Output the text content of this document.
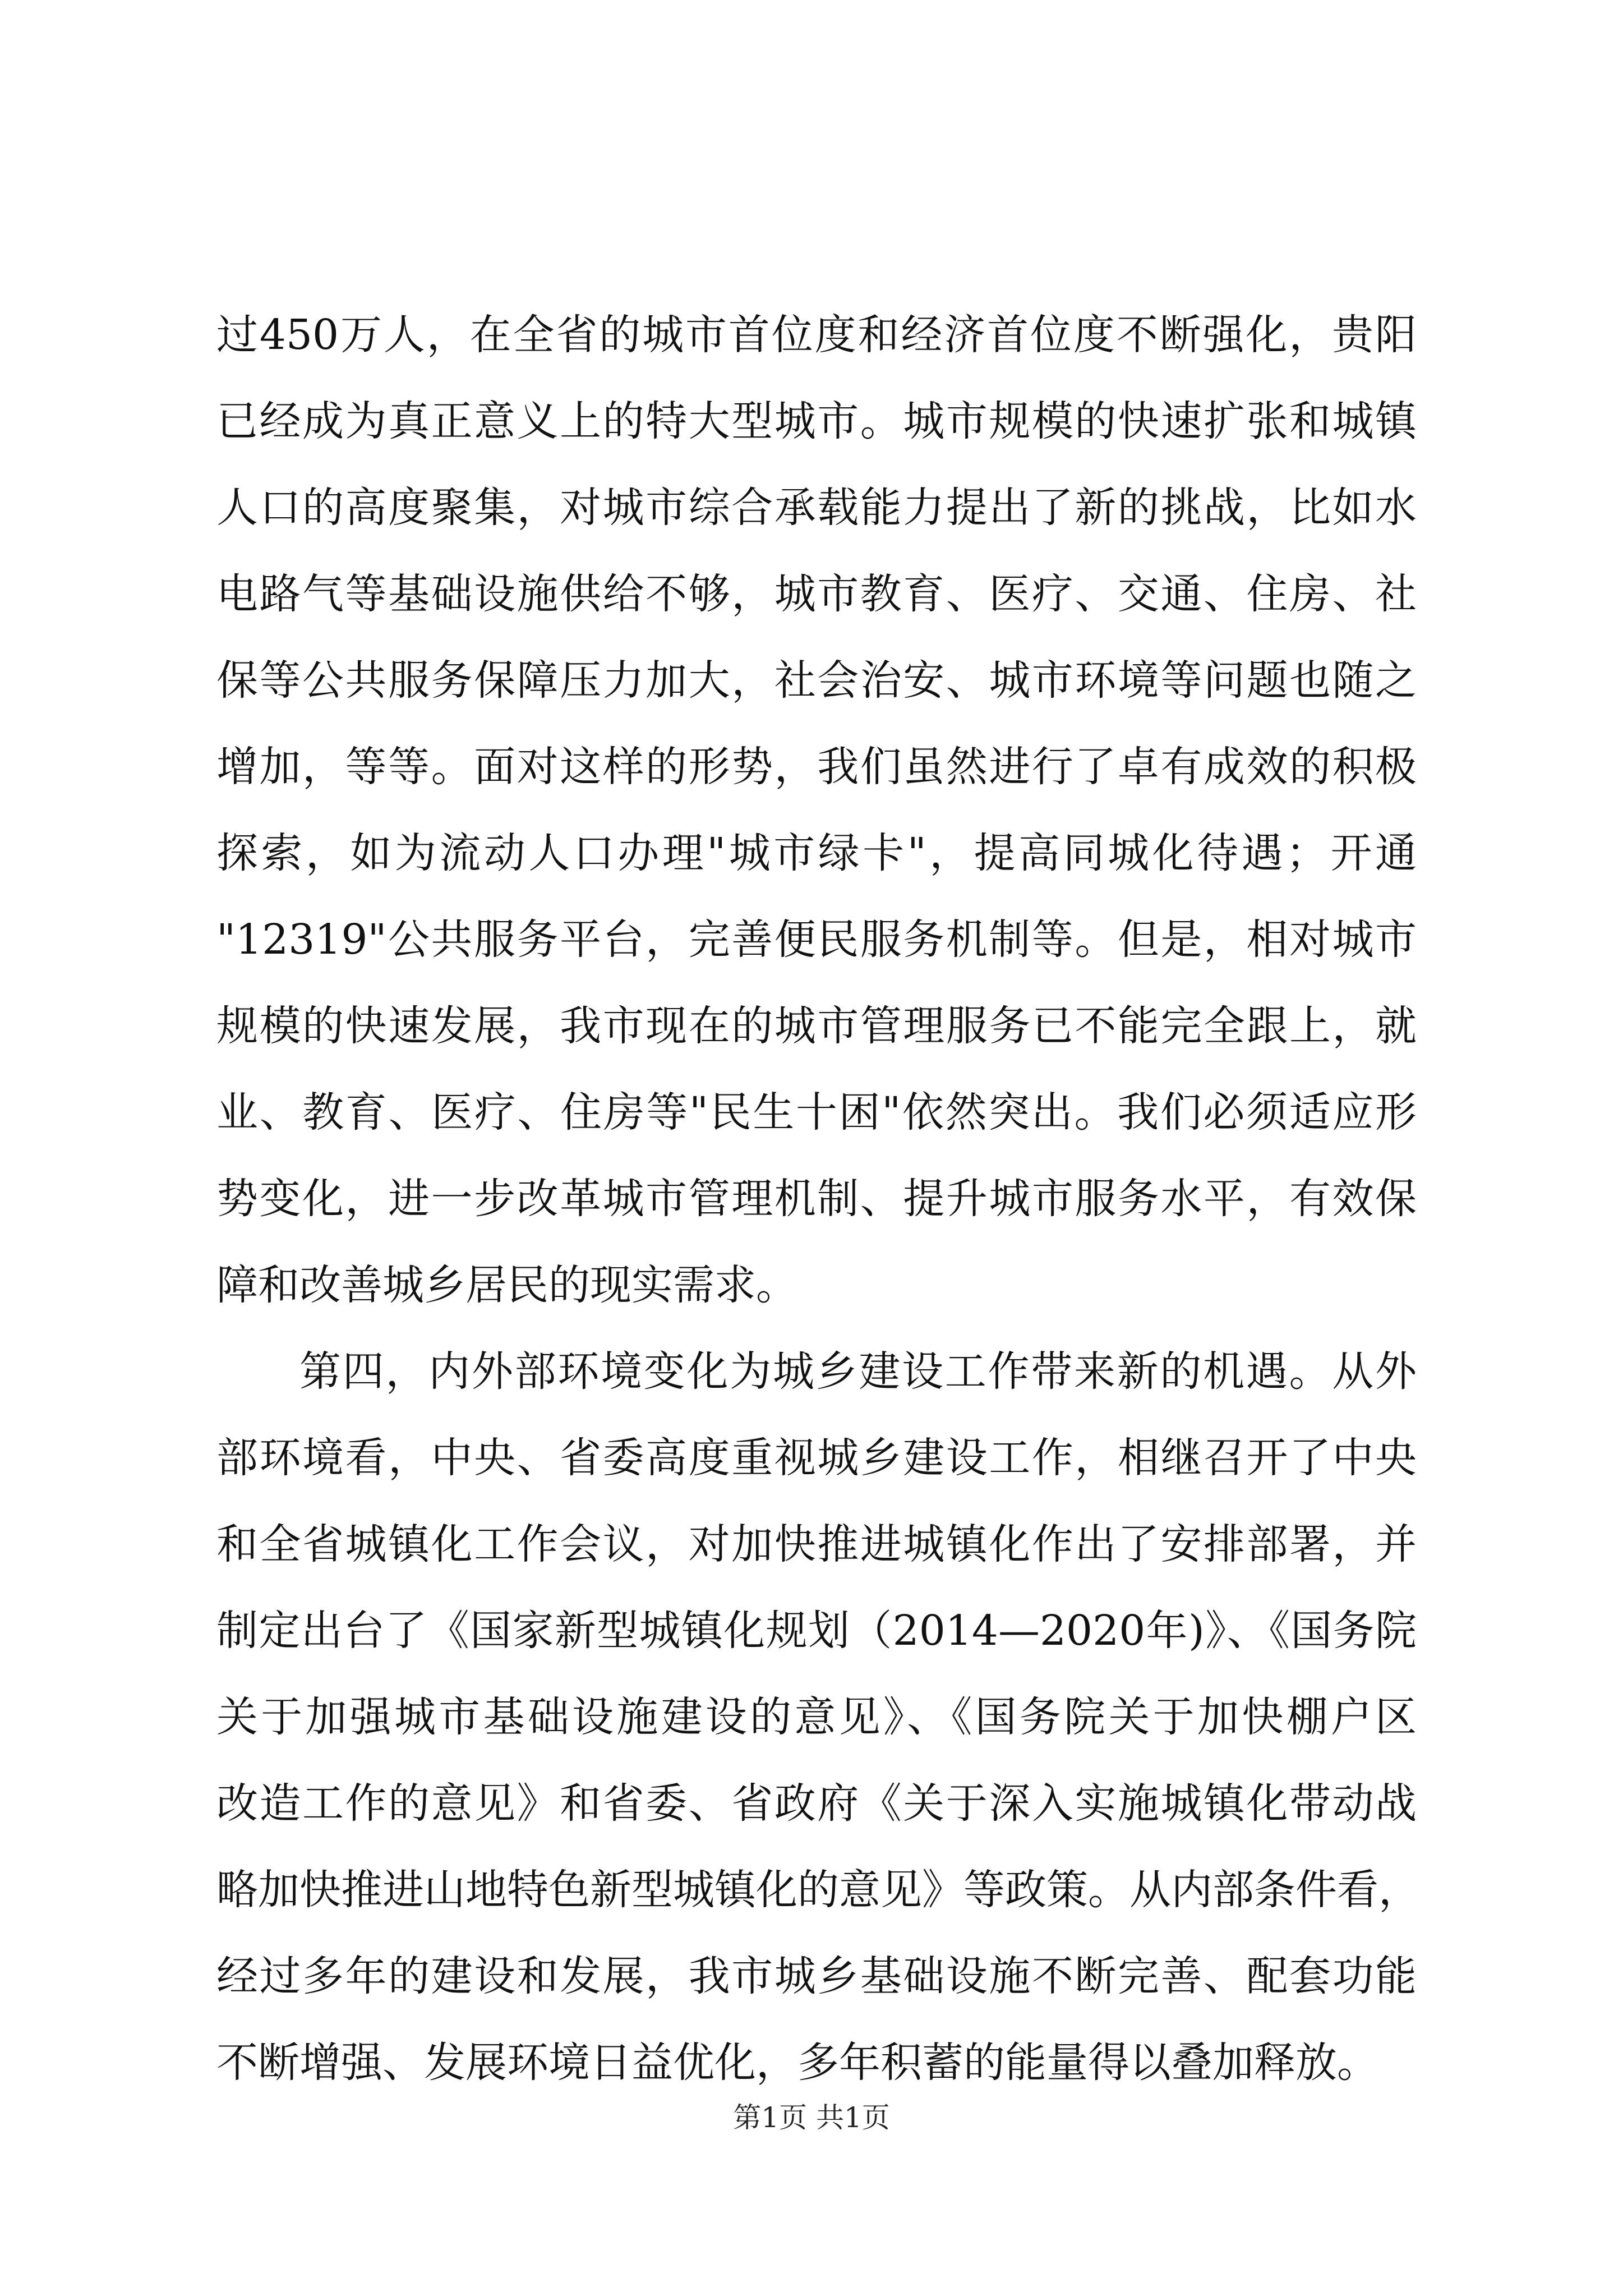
过450万人，在全省的城市首位度和经济首位度不断强化，贵阳
已经成为真正意义上的特大型城市。城市规模的快速扩张和城镇
人口的高度聚集，对城市综合承载能力提出了新的挑战，比如水
电路气等基础设施供给不够，城市教育、医疗、交通、住房、社
保等公共服务保障压力加大，社会治安、城市环境等问题也随之
增加，等等。面对这样的形势，我们虽然进行了卓有成效的积极
探索，如为流动人口办理"城市绿卡"，提高同城化待遇；开通
"12319"公共服务平台，完善便民服务机制等。但是，相对城市
规模的快速发展，我市现在的城市管理服务已不能完全跟上，就
业、教育、医疗、住房等"民生十困"依然突出。我们必须适应形
势变化，进一步改革城市管理机制、提升城市服务水平，有效保
障和改善城乡居民的现实需求。
第四，内外部环境变化为城乡建设工作带来新的机遇。从外
部环境看，中央、省委高度重视城乡建设工作，相继召开了中央
和全省城镇化工作会议，对加快推进城镇化作出了安排部署，并
制定出台了《国家新型城镇化规划（2014—2020年)》、《国务院
关于加强城市基础设施建设的意见》、《国务院关于加快棚户区
改造工作的意见》和省委、省政府《关于深入实施城镇化带动战
略加快推进山地特色新型城镇化的意见》等政策。从内部条件看，
经过多年的建设和发展，我市城乡基础设施不断完善、配套功能
不断增强、发展环境日益优化，多年积蓄的能量得以叠加释放。
第1页 共1页
